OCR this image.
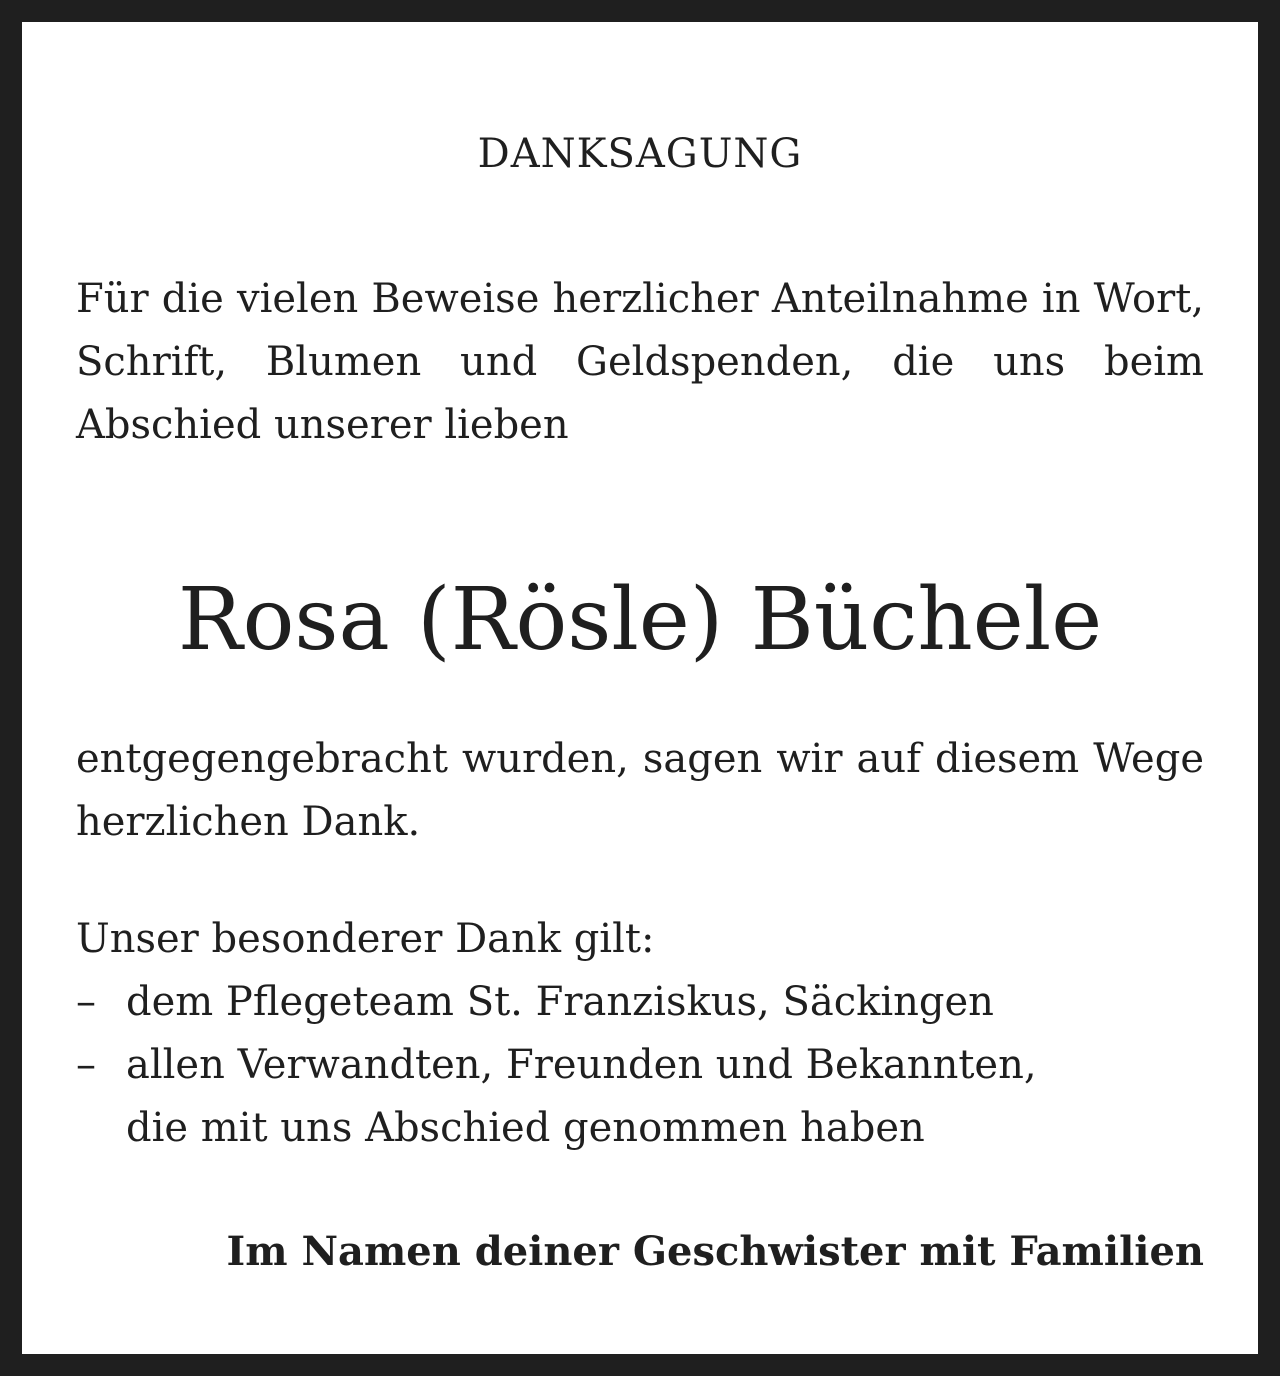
DANKSAGUNG
Für die vielen Beweise herzlicher Anteilnahme in Wort, Schrift, Blumen und Geldspenden, die uns beim Abschied unserer lieben
Rosa (Rösle) Büchele
entgegengebracht wurden, sagen wir auf diesem Wege herzlichen Dank.
Unser besonderer Dank gilt:
– dem Pflegeteam St. Franziskus, Säckingen
– allen Verwandten, Freunden und Bekannten, die mit uns Abschied genommen haben
Im Namen deiner Geschwister mit Familien
